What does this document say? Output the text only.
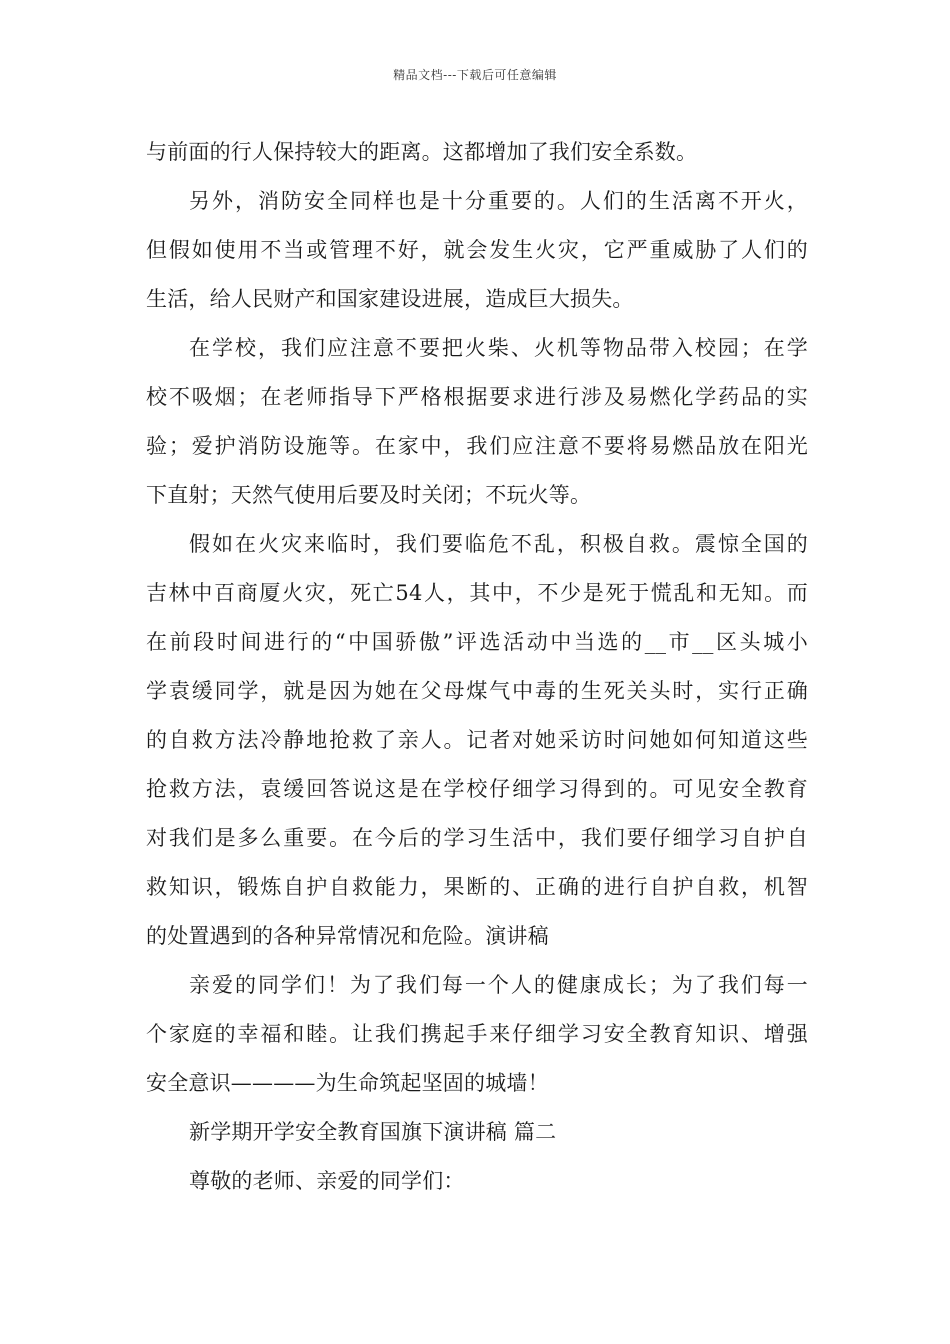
精品文档---下载后可任意编辑
与前面的行人保持较大的距离。这都增加了我们安全系数。
另外，消防安全同样也是十分重要的。人们的生活离不开火，
但假如使用不当或管理不好，就会发生火灾，它严重威胁了人们的
生活，给人民财产和国家建设进展，造成巨大损失。
在学校，我们应注意不要把火柴、火机等物品带入校园；在学
校不吸烟；在老师指导下严格根据要求进行涉及易燃化学药品的实
验；爱护消防设施等。在家中，我们应注意不要将易燃品放在阳光
下直射；天然气使用后要及时关闭；不玩火等。
假如在火灾来临时，我们要临危不乱，积极自救。震惊全国的
吉林中百商厦火灾，死亡54人，其中，不少是死于慌乱和无知。而
在前段时间进行的“中国骄傲”评选活动中当选的__市__区头城小
学袁缓同学，就是因为她在父母煤气中毒的生死关头时，实行正确
的自救方法冷静地抢救了亲人。记者对她采访时问她如何知道这些
抢救方法，袁缓回答说这是在学校仔细学习得到的。可见安全教育
对我们是多么重要。在今后的学习生活中，我们要仔细学习自护自
救知识，锻炼自护自救能力，果断的、正确的进行自护自救，机智
的处置遇到的各种异常情况和危险。演讲稿
亲爱的同学们！为了我们每一个人的健康成长；为了我们每一
个家庭的幸福和睦。让我们携起手来仔细学习安全教育知识、增强
安全意识————为生命筑起坚固的城墙！
新学期开学安全教育国旗下演讲稿 篇二
尊敬的老师、亲爱的同学们：
